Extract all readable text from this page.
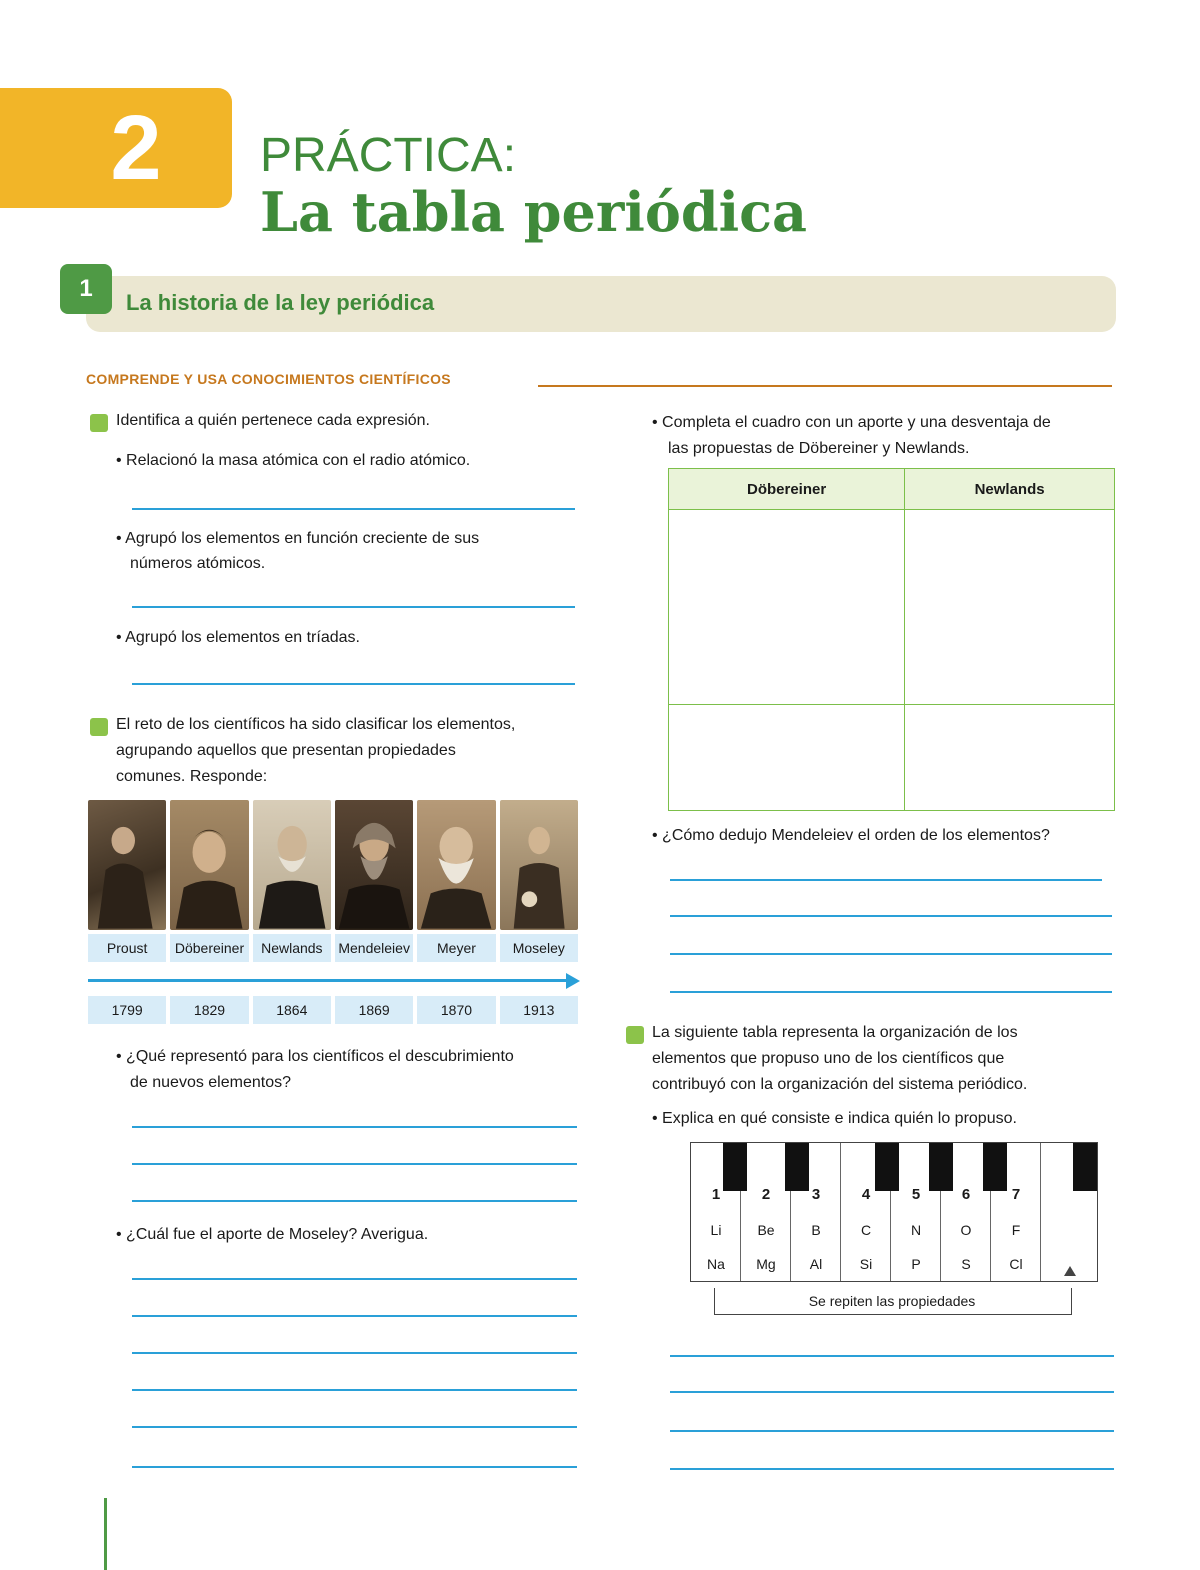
2	PRÁCTICA:
La tabla periódica
1
La historia de la ley periódica
COMPRENDE Y USA CONOCIMIENTOS CIENTÍFICOS
Identifica a quién pertenece cada expresión.
• Relacionó la masa atómica con el radio atómico.
• Agrupó los elementos en función creciente de sus
números atómicos.
• Agrupó los elementos en tríadas.
El reto de los científicos ha sido clasificar los elementos,
agrupando aquellos que presentan propiedades
comunes. Responde:
Proust	Döbereiner	Newlands	Mendeleiev	Meyer	Moseley
1799	1829	1864	1869	1870	1913
• ¿Qué representó para los científicos el descubrimiento
de nuevos elementos?
• ¿Cuál fue el aporte de Moseley? Averigua.
• Completa el cuadro con un aporte y una desventaja de
las propuestas de Döbereiner y Newlands.
Döbereiner	Newlands

• ¿Cómo dedujo Mendeleiev el orden de los elementos?
La siguiente tabla representa la organización de los
elementos que propuso uno de los científicos que
contribuyó con la organización del sistema periódico.
• Explica en qué consiste e indica quién lo propuso.
1	2	3	4	5	6	7
Li	Be	B	C	N	O	F
Na	Mg	Al	Si	P	S	Cl
Se repiten las propiedades
